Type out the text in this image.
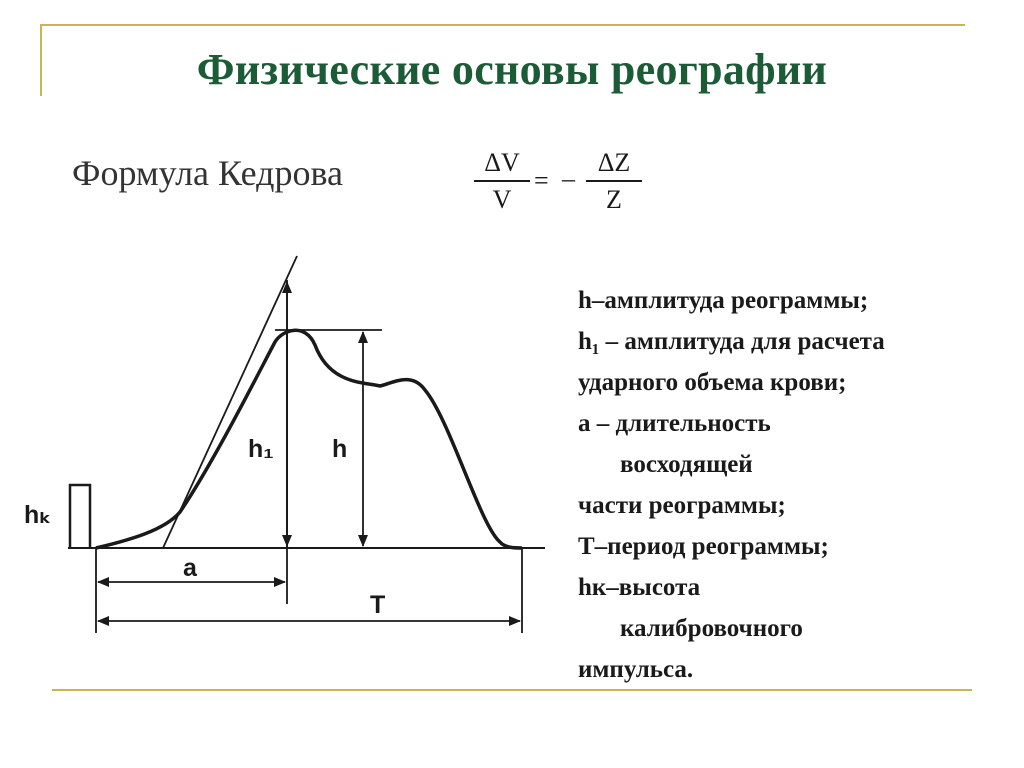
Физические основы реографии
Формула Кедрова	ΔV
V
= –
ΔZ
Z
h₁ h
hₖ
a
T
h–амплитуда реограммы;
h₁ – амплитуда для расчета
ударного объема крови;
а – длительность
восходящей
части реограммы;
Т–период реограммы;
hк–высота
калибровочного
импульса.
